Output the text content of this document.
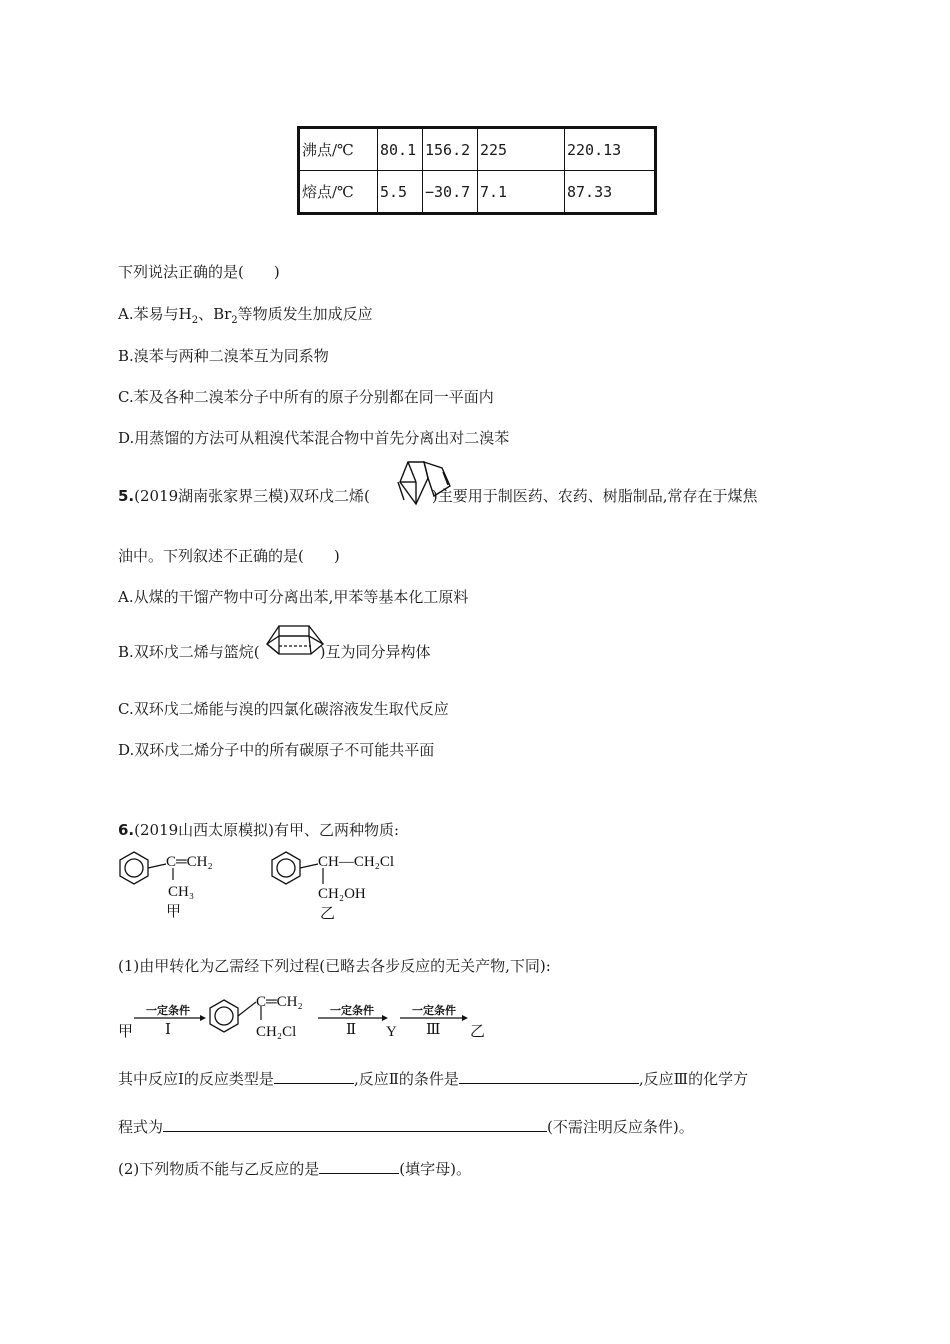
沸点/℃	80.1	156.2	225	220.13
熔点/℃	5.5	−30.7	7.1	87.33
下列说法正确的是(　　)
A.苯易与$H_2$、$Br_2$等物质发生加成反应
B.溴苯与两种二溴苯互为同系物
C.苯及各种二溴苯分子中所有的原子分别都在同一平面内
D.用蒸馏的方法可从粗溴代苯混合物中首先分离出对二溴苯
5.(2019湖南张家界三模)双环戊二烯(	)主要用于制医药、农药、树脂制品,常存在于煤焦
油中。下列叙述不正确的是(　　)
A.从煤的干馏产物中可分离出苯,甲苯等基本化工原料
B.双环戊二烯与篮烷(	)互为同分异构体
C.双环戊二烯能与溴的四氯化碳溶液发生取代反应
D.双环戊二烯分子中的所有碳原子不可能共平面
6.(2019山西太原模拟)有甲、乙两种物质:
C═CH₂
CH₃
甲
CH—CH₂Cl
CH₂OH
乙
(1)由甲转化为乙需经下列过程(已略去各步反应的无关产物,下同):
甲
一定条件
Ⅰ
C═CH₂
CH₂Cl
一定条件
Ⅱ Y
一定条件
Ⅲ 乙
其中反应Ⅰ的反应类型是	,反应Ⅱ的条件是	,反应Ⅲ的化学方
程式为	(不需注明反应条件)。
(2)下列物质不能与乙反应的是	(填字母)。
